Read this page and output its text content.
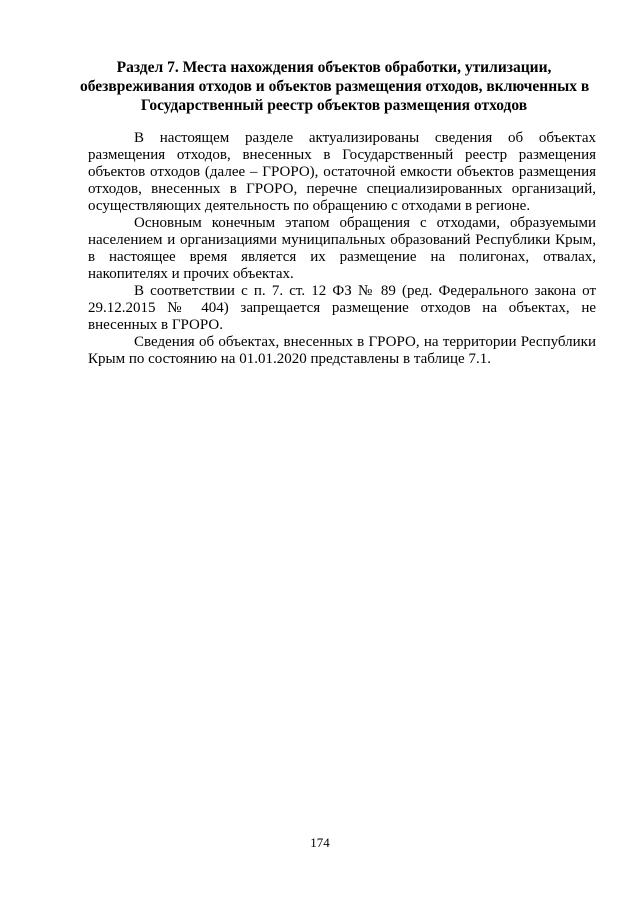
Раздел 7. Места нахождения объектов обработки, утилизации,
обезвреживания отходов и объектов размещения отходов, включенных в
Государственный реестр объектов размещения отходов

В настоящем разделе актуализированы сведения об объектах размещения отходов, внесенных в Государственный реестр размещения объектов отходов (далее – ГРОРО), остаточной емкости объектов размещения отходов, внесенных в ГРОРО, перечне специализированных организаций, осуществляющих деятельность по обращению с отходами в регионе.

Основным конечным этапом обращения с отходами, образуемыми населением и организациями муниципальных образований Республики Крым, в настоящее время является их размещение на полигонах, отвалах, накопителях и прочих объектах.

В соответствии с п. 7. ст. 12 ФЗ № 89 (ред. Федерального закона от 29.12.2015 № 404) запрещается размещение отходов на объектах, не внесенных в ГРОРО.

Сведения об объектах, внесенных в ГРОРО, на территории Республики Крым по состоянию на 01.01.2020 представлены в таблице 7.1.

174
